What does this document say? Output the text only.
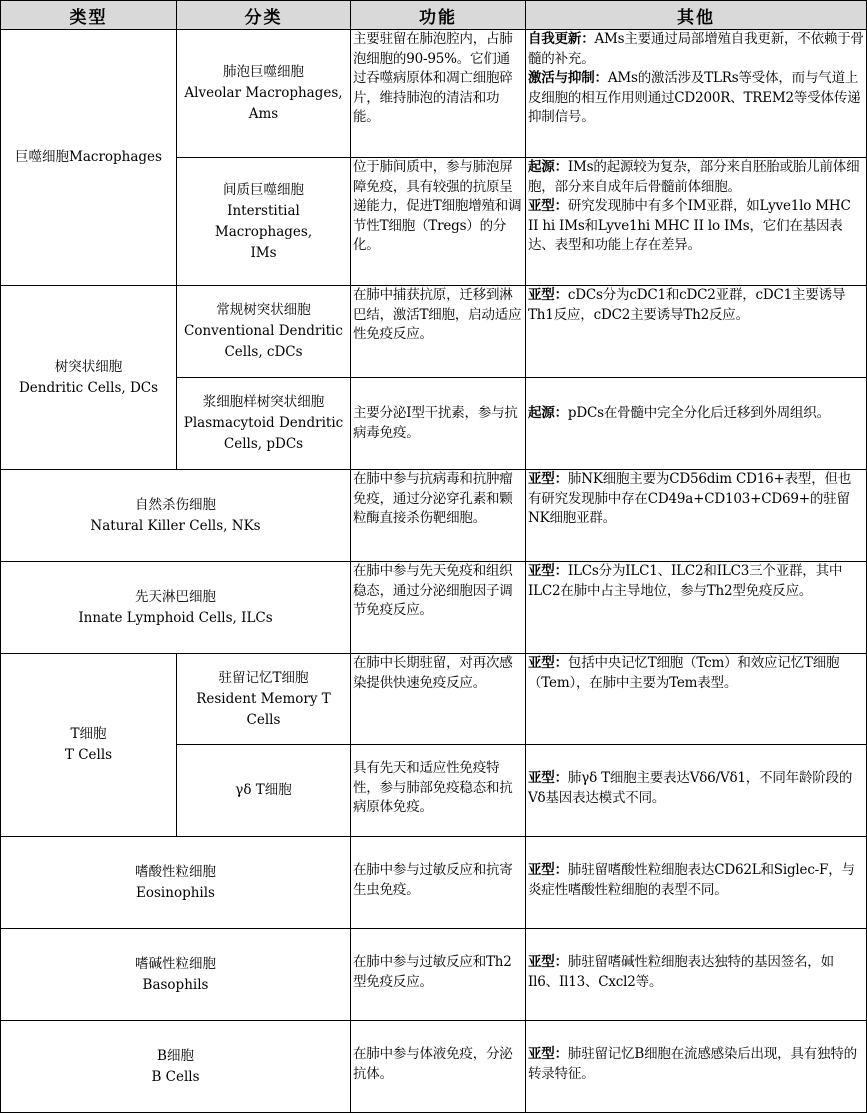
类型	分类	功能	其他

巨噬细胞Macrophages	肺泡巨噬细胞
Alveolar Macrophages,
Ams	主要驻留在肺泡腔内，占肺泡细胞的90-95%。它们通过吞噬病原体和凋亡细胞碎片，维持肺泡的清洁和功能。	自我更新：AMs主要通过局部增殖自我更新，不依赖于骨髓的补充。
激活与抑制：AMs的激活涉及TLRs等受体，而与气道上皮细胞的相互作用则通过CD200R、TREM2等受体传递抑制信号。

	间质巨噬细胞
Interstitial Macrophages,
IMs	位于肺间质中，参与肺泡屏障免疫，具有较强的抗原呈递能力，促进T细胞增殖和调节性T细胞（Tregs）的分化。	起源：IMs的起源较为复杂，部分来自胚胎或胎儿前体细胞，部分来自成年后骨髓前体细胞。
亚型：研究发现肺中有多个IM亚群，如Lyve1lo MHC II hi IMs和Lyve1hi MHC II lo IMs，它们在基因表达、表型和功能上存在差异。

树突状细胞
Dendritic Cells, DCs	常规树突状细胞
Conventional Dendritic
Cells, cDCs	在肺中捕获抗原，迁移到淋巴结，激活T细胞，启动适应性免疫反应。	亚型：cDCs分为cDC1和cDC2亚群，cDC1主要诱导Th1反应，cDC2主要诱导Th2反应。

	浆细胞样树突状细胞
Plasmacytoid Dendritic
Cells, pDCs	主要分泌I型干扰素，参与抗病毒免疫。	起源：pDCs在骨髓中完全分化后迁移到外周组织。

自然杀伤细胞
Natural Killer Cells, NKs		在肺中参与抗病毒和抗肿瘤免疫，通过分泌穿孔素和颗粒酶直接杀伤靶细胞。	亚型：肺NK细胞主要为CD56dim CD16+表型，但也有研究发现肺中存在CD49a+CD103+CD69+的驻留NK细胞亚群。

先天淋巴细胞
Innate Lymphoid Cells, ILCs		在肺中参与先天免疫和组织稳态，通过分泌细胞因子调节免疫反应。	亚型：ILCs分为ILC1、ILC2和ILC3三个亚群，其中ILC2在肺中占主导地位，参与Th2型免疫反应。

T细胞
T Cells	驻留记忆T细胞
Resident Memory T Cells	在肺中长期驻留，对再次感染提供快速免疫反应。	亚型：包括中央记忆T细胞（Tcm）和效应记忆T细胞（Tem），在肺中主要为Tem表型。

	γδ T细胞	具有先天和适应性免疫特性，参与肺部免疫稳态和抗病原体免疫。	亚型：肺γδ T细胞主要表达Vδ6/Vδ1，不同年龄阶段的Vδ基因表达模式不同。

嗜酸性粒细胞
Eosinophils		在肺中参与过敏反应和抗寄生虫免疫。	亚型：肺驻留嗜酸性粒细胞表达CD62L和Siglec-F，与炎症性嗜酸性粒细胞的表型不同。

嗜碱性粒细胞
Basophils		在肺中参与过敏反应和Th2型免疫反应。	亚型：肺驻留嗜碱性粒细胞表达独特的基因签名，如Il6、Il13、Cxcl2等。

B细胞
B Cells		在肺中参与体液免疫，分泌抗体。	亚型：肺驻留记忆B细胞在流感感染后出现，具有独特的转录特征。
